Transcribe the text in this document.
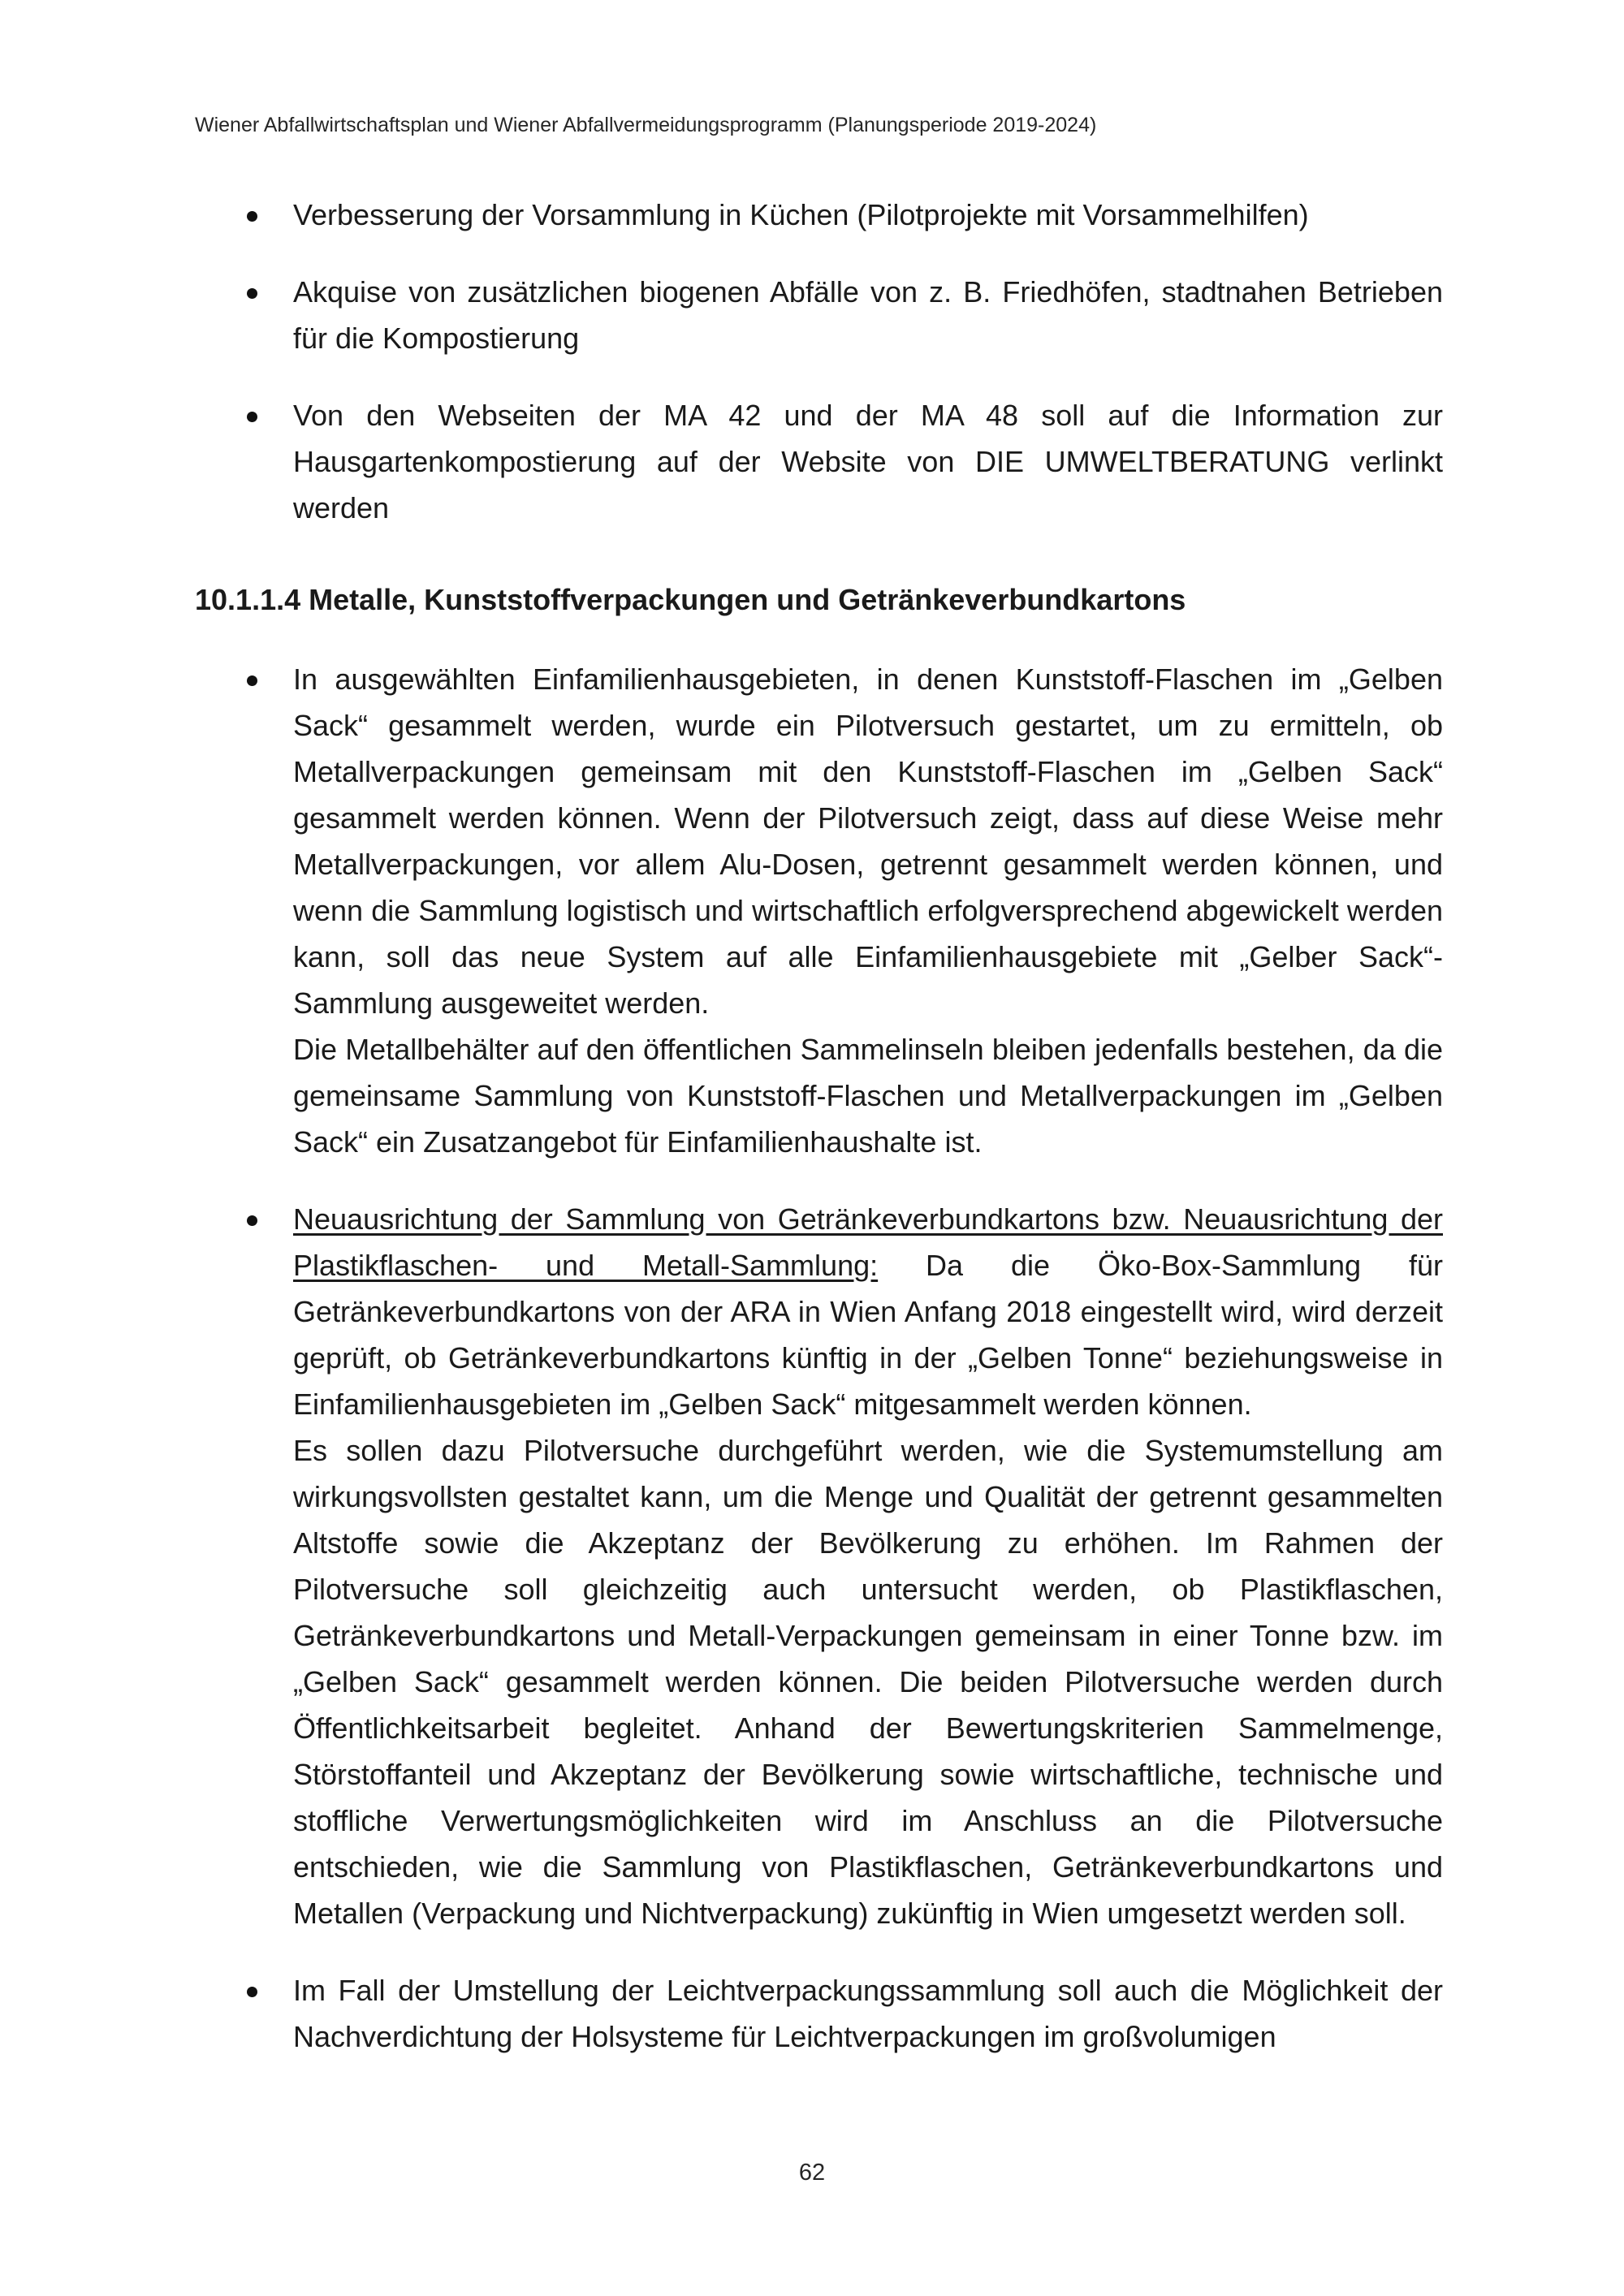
Wiener Abfallwirtschaftsplan und Wiener Abfallvermeidungsprogramm (Planungsperiode 2019-2024)

Verbesserung der Vorsammlung in Küchen (Pilotprojekte mit Vorsammelhilfen)

Akquise von zusätzlichen biogenen Abfälle von z. B. Friedhöfen, stadtnahen Betrieben für die Kompostierung

Von den Webseiten der MA 42 und der MA 48 soll auf die Information zur Hausgartenkompostierung auf der Website von DIE UMWELTBERATUNG verlinkt werden

10.1.1.4 Metalle, Kunststoffverpackungen und Getränkeverbundkartons

In ausgewählten Einfamilienhausgebieten, in denen Kunststoff-Flaschen im „Gelben Sack“ gesammelt werden, wurde ein Pilotversuch gestartet, um zu ermitteln, ob Metallverpackungen gemeinsam mit den Kunststoff-Flaschen im „Gelben Sack“ gesammelt werden können. Wenn der Pilotversuch zeigt, dass auf diese Weise mehr Metallverpackungen, vor allem Alu-Dosen, getrennt gesammelt werden können, und wenn die Sammlung logistisch und wirtschaftlich erfolgversprechend abgewickelt werden kann, soll das neue System auf alle Einfamilienhausgebiete mit „Gelber Sack“-Sammlung ausgeweitet werden.

Die Metallbehälter auf den öffentlichen Sammelinseln bleiben jedenfalls bestehen, da die gemeinsame Sammlung von Kunststoff-Flaschen und Metallverpackungen im „Gelben Sack“ ein Zusatzangebot für Einfamilienhaushalte ist.

Neuausrichtung der Sammlung von Getränkeverbundkartons bzw. Neuausrichtung der Plastikflaschen- und Metall-Sammlung: Da die Öko-Box-Sammlung für Getränkeverbundkartons von der ARA in Wien Anfang 2018 eingestellt wird, wird derzeit geprüft, ob Getränkeverbundkartons künftig in der „Gelben Tonne“ beziehungsweise in Einfamilienhausgebieten im „Gelben Sack“ mitgesammelt werden können.

Es sollen dazu Pilotversuche durchgeführt werden, wie die Systemumstellung am wirkungsvollsten gestaltet kann, um die Menge und Qualität der getrennt gesammelten Altstoffe sowie die Akzeptanz der Bevölkerung zu erhöhen. Im Rahmen der Pilotversuche soll gleichzeitig auch untersucht werden, ob Plastikflaschen, Getränkeverbundkartons und Metall-Verpackungen gemeinsam in einer Tonne bzw. im „Gelben Sack“ gesammelt werden können. Die beiden Pilotversuche werden durch Öffentlichkeitsarbeit begleitet. Anhand der Bewertungskriterien Sammelmenge, Störstoffanteil und Akzeptanz der Bevölkerung sowie wirtschaftliche, technische und stoffliche Verwertungsmöglichkeiten wird im Anschluss an die Pilotversuche entschieden, wie die Sammlung von Plastikflaschen, Getränkeverbundkartons und Metallen (Verpackung und Nichtverpackung) zukünftig in Wien umgesetzt werden soll.

Im Fall der Umstellung der Leichtverpackungssammlung soll auch die Möglichkeit der Nachverdichtung der Holsysteme für Leichtverpackungen im großvolumigen

62
